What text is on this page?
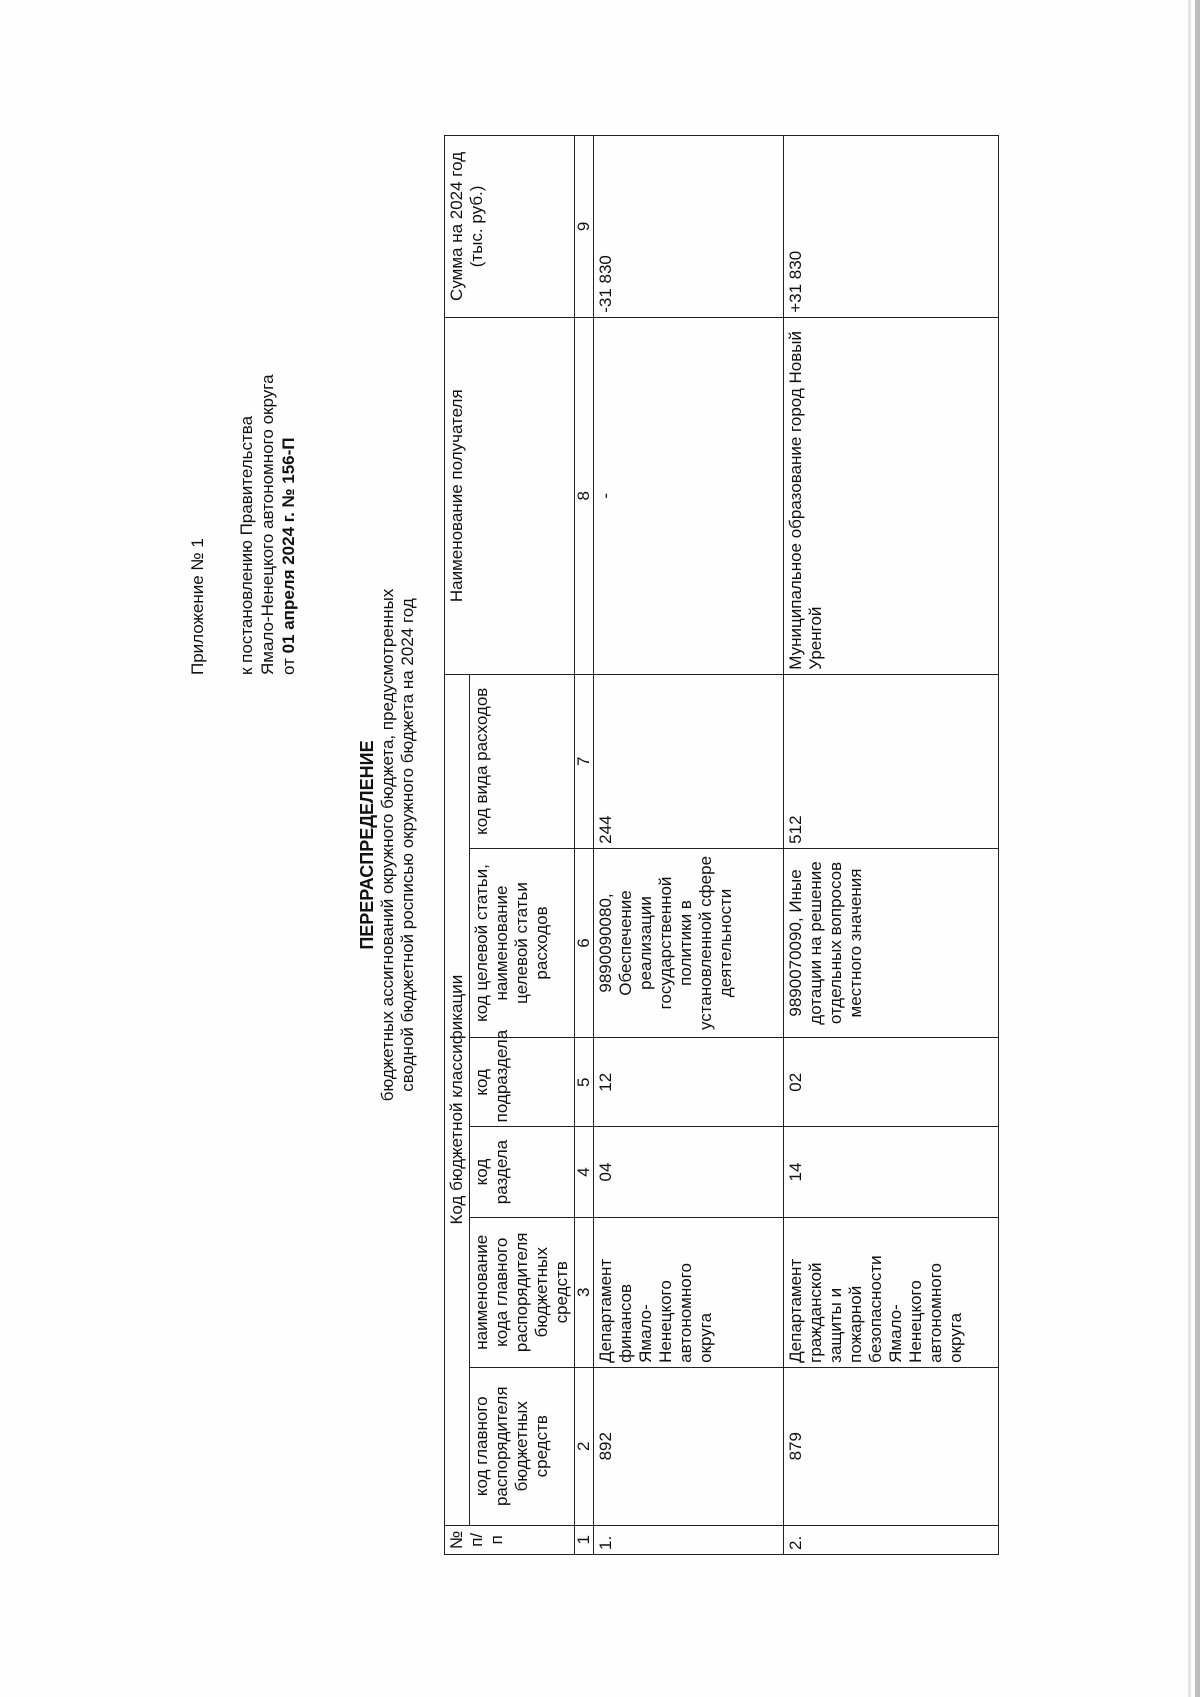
Приложение № 1 к постановлению Правительства Ямало-Ненецкого автономного округа от 01 апреля 2024 г. № 156-П
ПЕРЕРАСПРЕДЕЛЕНИЕ бюджетных ассигнований окружного бюджета, предусмотренных сводной бюджетной росписью окружного бюджета на 2024 год
№ п/п	Код бюджетной классификации						Наименование получателя	Сумма на 2024 год (тыс. руб.)
	код главного распорядителя бюджетных средств	наименование кода главного распорядителя бюджетных средств	код раздела	код подраздела	код целевой статьи, наименование целевой статьи расходов	код вида расходов		
1	2	3	4	5	6	7	8	9
1.	892	Департамент финансов Ямало-Ненецкого автономного округа	04	12	9890090080, Обеспечение реализации государственной политики в установленной сфере деятельности	244	-	-31 830
2.	879	Департамент гражданской защиты и пожарной безопасности Ямало-Ненецкого автономного округа	14	02	9890070090, Иные дотации на решение отдельных вопросов местного значения	512	Муниципальное образование город Новый Уренгой	+31 830
